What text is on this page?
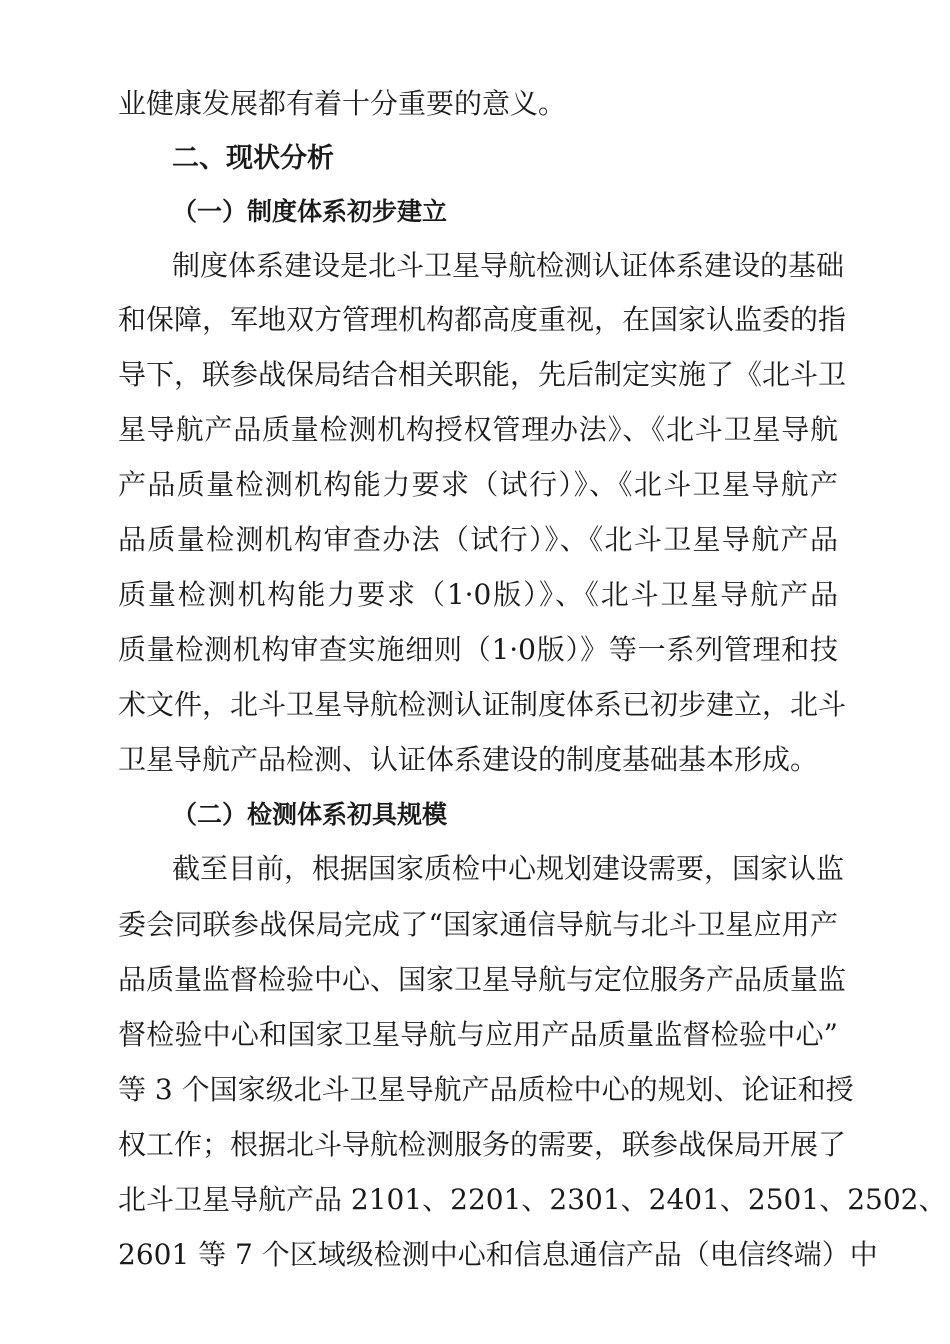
业健康发展都有着十分重要的意义。
二、现状分析
（一）制度体系初步建立
制度体系建设是北斗卫星导航检测认证体系建设的基础
和保障，军地双方管理机构都高度重视，在国家认监委的指
导下，联参战保局结合相关职能，先后制定实施了《北斗卫
星导航产品质量检测机构授权管理办法》、《北斗卫星导航
产品质量检测机构能力要求（试行）》、《北斗卫星导航产
品质量检测机构审查办法（试行）》、《北斗卫星导航产品
质量检测机构能力要求（1·0版）》、《北斗卫星导航产品
质量检测机构审查实施细则（1·0版）》等一系列管理和技
术文件，北斗卫星导航检测认证制度体系已初步建立，北斗
卫星导航产品检测、认证体系建设的制度基础基本形成。
（二）检测体系初具规模
截至目前，根据国家质检中心规划建设需要，国家认监
委会同联参战保局完成了“国家通信导航与北斗卫星应用产
品质量监督检验中心、国家卫星导航与定位服务产品质量监
督检验中心和国家卫星导航与应用产品质量监督检验中心”
等 3 个国家级北斗卫星导航产品质检中心的规划、论证和授
权工作；根据北斗导航检测服务的需要，联参战保局开展了
北斗卫星导航产品 2101、2201、2301、2401、2501、2502、
2601 等 7 个区域级检测中心和信息通信产品（电信终端）中
